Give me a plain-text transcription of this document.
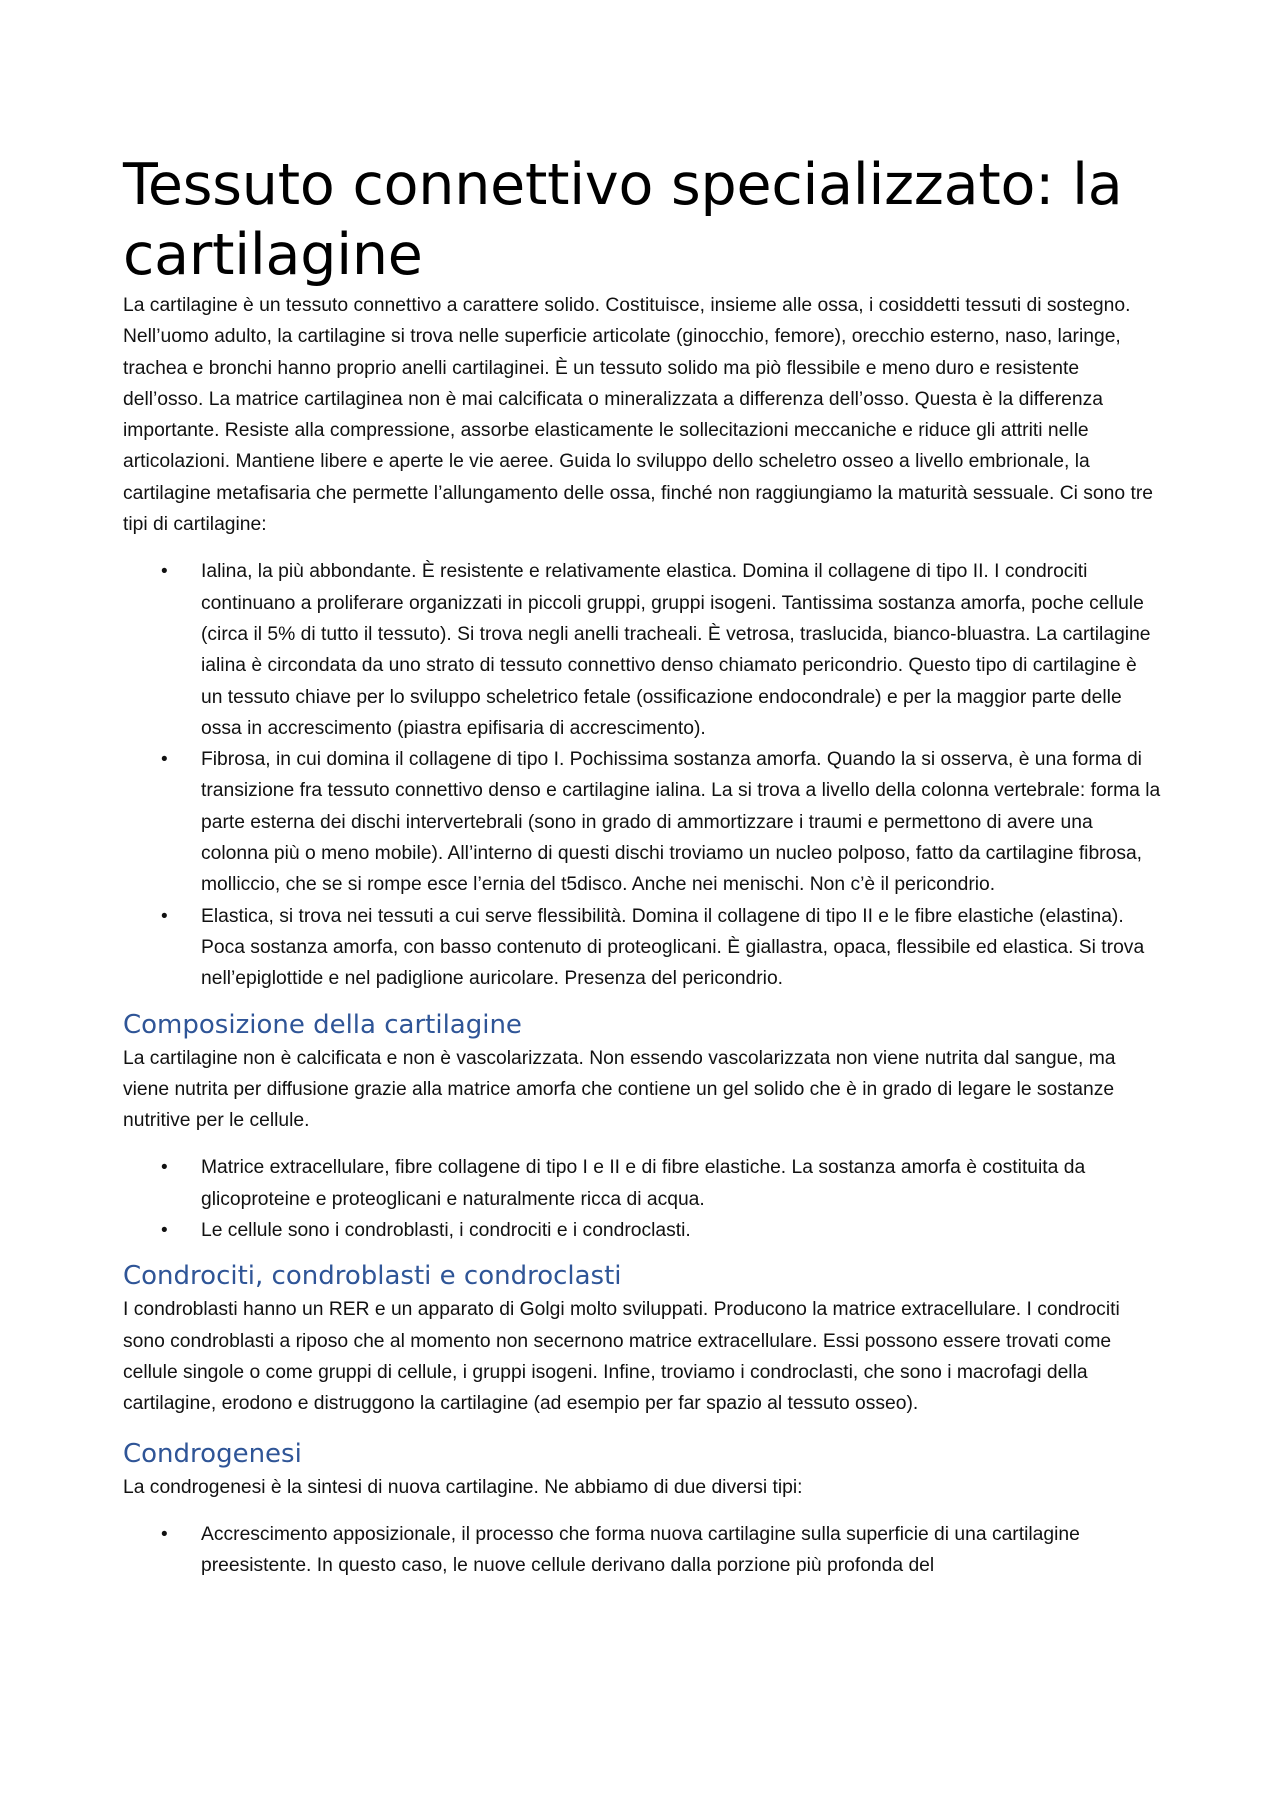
Tessuto connettivo specializzato: la cartilagine

La cartilagine è un tessuto connettivo a carattere solido. Costituisce, insieme alle ossa, i cosiddetti tessuti di sostegno. Nell’uomo adulto, la cartilagine si trova nelle superficie articolate (ginocchio, femore), orecchio esterno, naso, laringe, trachea e bronchi hanno proprio anelli cartilaginei. È un tessuto solido ma piò flessibile e meno duro e resistente dell’osso. La matrice cartilaginea non è mai calcificata o mineralizzata a differenza dell’osso. Questa è la differenza importante. Resiste alla compressione, assorbe elasticamente le sollecitazioni meccaniche e riduce gli attriti nelle articolazioni. Mantiene libere e aperte le vie aeree. Guida lo sviluppo dello scheletro osseo a livello embrionale, la cartilagine metafisaria che permette l’allungamento delle ossa, finché non raggiungiamo la maturità sessuale. Ci sono tre tipi di cartilagine:

• Ialina, la più abbondante. È resistente e relativamente elastica. Domina il collagene di tipo II. I condrociti continuano a proliferare organizzati in piccoli gruppi, gruppi isogeni. Tantissima sostanza amorfa, poche cellule (circa il 5% di tutto il tessuto). Si trova negli anelli tracheali. È vetrosa, traslucida, bianco-bluastra. La cartilagine ialina è circondata da uno strato di tessuto connettivo denso chiamato pericondrio. Questo tipo di cartilagine è un tessuto chiave per lo sviluppo scheletrico fetale (ossificazione endocondrale) e per la maggior parte delle ossa in accrescimento (piastra epifisaria di accrescimento).
• Fibrosa, in cui domina il collagene di tipo I. Pochissima sostanza amorfa. Quando la si osserva, è una forma di transizione fra tessuto connettivo denso e cartilagine ialina. La si trova a livello della colonna vertebrale: forma la parte esterna dei dischi intervertebrali (sono in grado di ammortizzare i traumi e permettono di avere una colonna più o meno mobile). All’interno di questi dischi troviamo un nucleo polposo, fatto da cartilagine fibrosa, molliccio, che se si rompe esce l’ernia del t5disco. Anche nei menischi. Non c’è il pericondrio.
• Elastica, si trova nei tessuti a cui serve flessibilità. Domina il collagene di tipo II e le fibre elastiche (elastina). Poca sostanza amorfa, con basso contenuto di proteoglicani. È giallastra, opaca, flessibile ed elastica. Si trova nell’epiglottide e nel padiglione auricolare. Presenza del pericondrio.
Composizione della cartilagine

La cartilagine non è calcificata e non è vascolarizzata. Non essendo vascolarizzata non viene nutrita dal sangue, ma viene nutrita per diffusione grazie alla matrice amorfa che contiene un gel solido che è in grado di legare le sostanze nutritive per le cellule.

• Matrice extracellulare, fibre collagene di tipo I e II e di fibre elastiche. La sostanza amorfa è costituita da glicoproteine e proteoglicani e naturalmente ricca di acqua.
• Le cellule sono i condroblasti, i condrociti e i condroclasti.
Condrociti, condroblasti e condroclasti

I condroblasti hanno un RER e un apparato di Golgi molto sviluppati. Producono la matrice extracellulare. I condrociti sono condroblasti a riposo che al momento non secernono matrice extracellulare. Essi possono essere trovati come cellule singole o come gruppi di cellule, i gruppi isogeni. Infine, troviamo i condroclasti, che sono i macrofagi della cartilagine, erodono e distruggono la cartilagine (ad esempio per far spazio al tessuto osseo).

Condrogenesi

La condrogenesi è la sintesi di nuova cartilagine. Ne abbiamo di due diversi tipi:

• Accrescimento apposizionale, il processo che forma nuova cartilagine sulla superficie di una cartilagine preesistente. In questo caso, le nuove cellule derivano dalla porzione più profonda del
